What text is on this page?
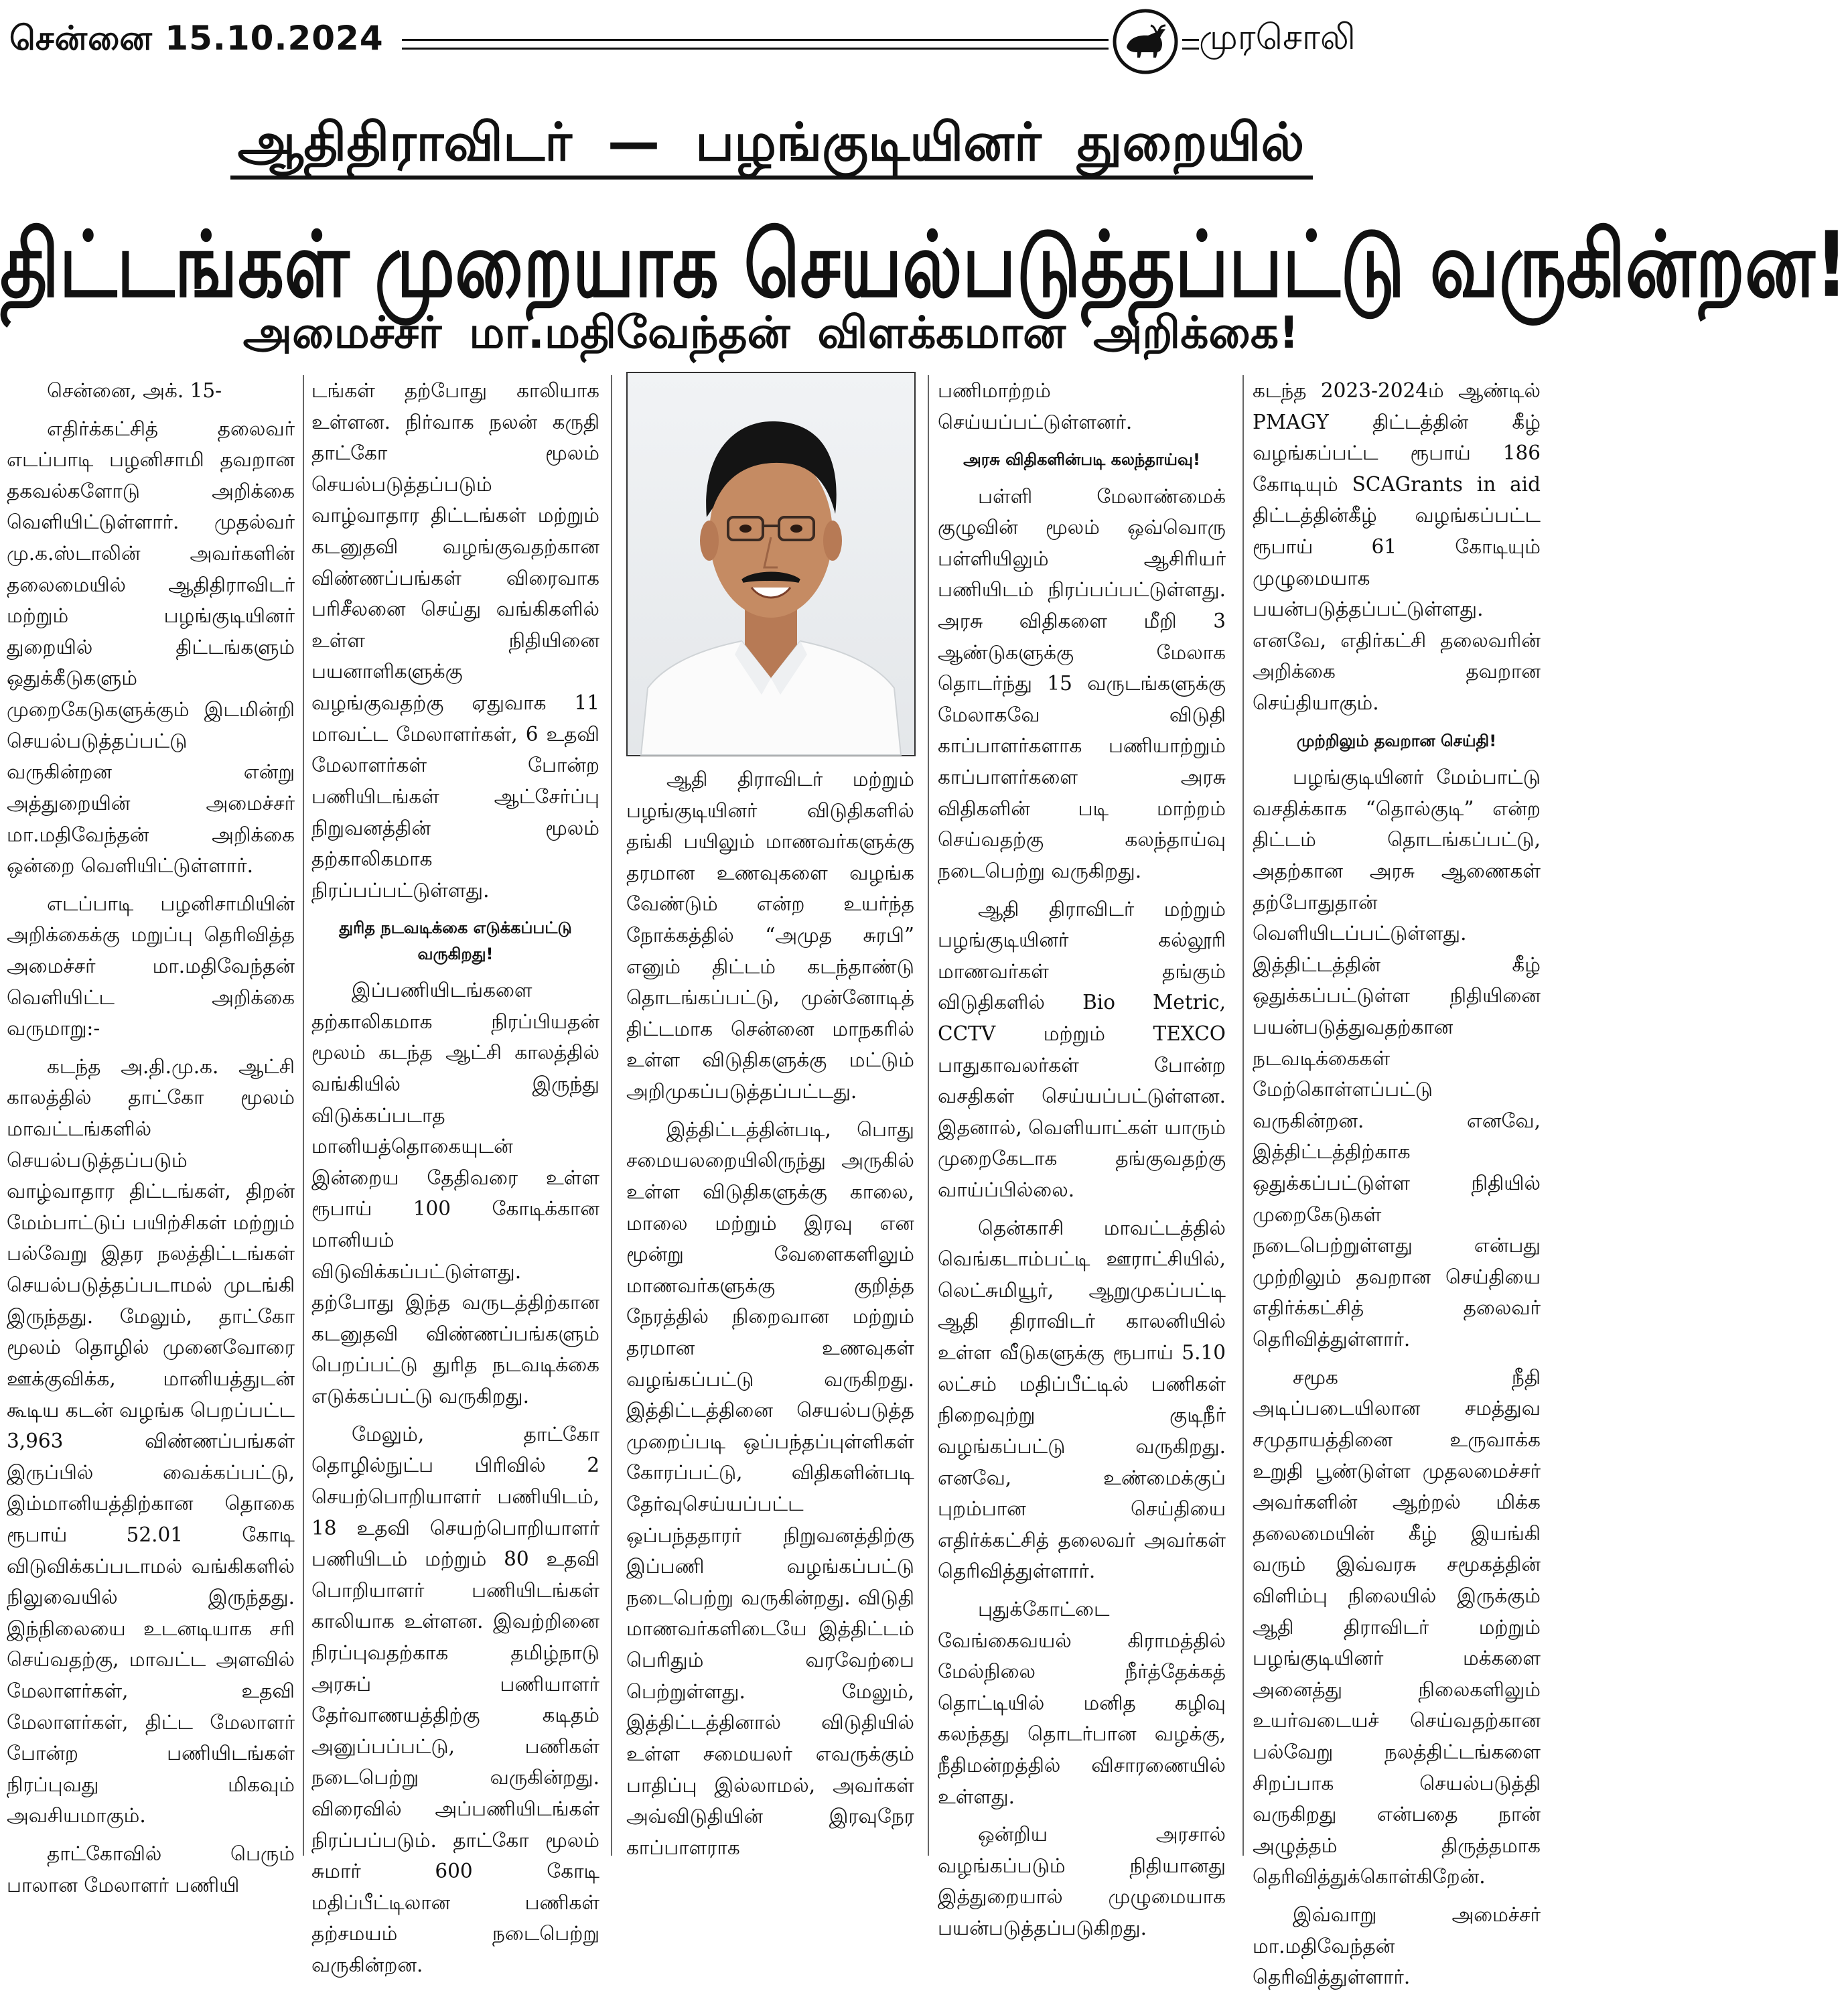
சென்னை 15.10.2024	முரசொலி
ஆதிதிராவிடர் — பழங்குடியினர் துறையில்
திட்டங்கள் முறையாக செயல்படுத்தப்பட்டு வருகின்றன!
அமைச்சர் மா.மதிவேந்தன் விளக்கமான அறிக்கை!

சென்னை, அக். 15-

எதிர்க்கட்சித் தலைவர் எடப்பாடி பழனிசாமி தவறான தகவல்களோடு அறிக்கை வெளியிட்டுள்ளார். முதல்வர் மு.க.ஸ்டாலின் அவர்களின் தலைமையில் ஆதிதிராவிடர் மற்றும் பழங்குடியினர் துறையில் திட்டங்களும் ஒதுக்கீடுகளும் முறைகேடுகளுக்கும் இடமின்றி செயல்படுத்தப்பட்டு வருகின்றன என்று அத்துறையின் அமைச்சர் மா.மதிவேந்தன் அறிக்கை ஒன்றை வெளியிட்டுள்ளார்.

எடப்பாடி பழனிசாமியின் அறிக்கைக்கு மறுப்பு தெரிவித்த அமைச்சர் மா.மதிவேந்தன் வெளியிட்ட அறிக்கை வருமாறு:-

கடந்த அ.தி.மு.க. ஆட்சி காலத்தில் தாட்கோ மூலம் மாவட்டங்களில் செயல்படுத்தப்படும் வாழ்வாதார திட்டங்கள், திறன் மேம்பாட்டுப் பயிற்சிகள் மற்றும் பல்வேறு இதர நலத்திட்டங்கள் செயல்படுத்தப்படாமல் முடங்கி இருந்தது. மேலும், தாட்கோ மூலம் தொழில் முனைவோரை ஊக்குவிக்க, மானியத்துடன் கூடிய கடன் வழங்க பெறப்பட்ட 3,963 விண்ணப்பங்கள் இருப்பில் வைக்கப்பட்டு, இம்மானியத்திற்கான தொகை ரூபாய் 52.01 கோடி விடுவிக்கப்படாமல் வங்கிகளில் நிலுவையில் இருந்தது. இந்நிலையை உடனடியாக சரி செய்வதற்கு, மாவட்ட அளவில் மேலாளர்கள், உதவி மேலாளர்கள், திட்ட மேலாளர் போன்ற பணியிடங்கள் நிரப்புவது மிகவும் அவசியமாகும்.

தாட்கோவில் பெரும் பாலான மேலாளர் பணியி

டங்கள் தற்போது காலியாக உள்ளன. நிர்வாக நலன் கருதி தாட்கோ மூலம் செயல்படுத்தப்படும் வாழ்வாதார திட்டங்கள் மற்றும் கடனுதவி வழங்குவதற்கான விண்ணப்பங்கள் விரைவாக பரிசீலனை செய்து வங்கிகளில் உள்ள நிதியினை பயனாளிகளுக்கு வழங்குவதற்கு ஏதுவாக 11 மாவட்ட மேலாளர்கள், 6 உதவி மேலாளர்கள் போன்ற பணியிடங்கள் ஆட்சேர்ப்பு நிறுவனத்தின் மூலம் தற்காலிகமாக நிரப்பப்பட்டுள்ளது.

துரித நடவடிக்கை எடுக்கப்பட்டு வருகிறது!

இப்பணியிடங்களை தற்காலிகமாக நிரப்பியதன் மூலம் கடந்த ஆட்சி காலத்தில் வங்கியில் இருந்து விடுக்கப்படாத மானியத்தொகையுடன் இன்றைய தேதிவரை உள்ள ரூபாய் 100 கோடிக்கான மானியம் விடுவிக்கப்பட்டுள்ளது. தற்போது இந்த வருடத்திற்கான கடனுதவி விண்ணப்பங்களும் பெறப்பட்டு துரித நடவடிக்கை எடுக்கப்பட்டு வருகிறது.

மேலும், தாட்கோ தொழில்நுட்ப பிரிவில் 2 செயற்பொறியாளர் பணியிடம், 18 உதவி செயற்பொறியாளர் பணியிடம் மற்றும் 80 உதவி பொறியாளர் பணியிடங்கள் காலியாக உள்ளன. இவற்றினை நிரப்புவதற்காக தமிழ்நாடு அரசுப் பணியாளர் தேர்வாணயத்திற்கு கடிதம் அனுப்பப்பட்டு, பணிகள் நடைபெற்று வருகின்றது. விரைவில் அப்பணியிடங்கள் நிரப்பப்படும். தாட்கோ மூலம் சுமார் 600 கோடி மதிப்பீட்டிலான பணிகள் தற்சமயம் நடைபெற்று வருகின்றன.

ஆதி திராவிடர் மற்றும் பழங்குடியினர் விடுதிகளில் தங்கி பயிலும் மாணவர்களுக்கு தரமான உணவுகளை வழங்க வேண்டும் என்ற உயர்ந்த நோக்கத்தில் “அமுத சுரபி” எனும் திட்டம் கடந்தாண்டு தொடங்கப்பட்டு, முன்னோடித் திட்டமாக சென்னை மாநகரில் உள்ள விடுதிகளுக்கு மட்டும் அறிமுகப்படுத்தப்பட்டது.

இத்திட்டத்தின்படி, பொது சமையலறையிலிருந்து அருகில் உள்ள விடுதிகளுக்கு காலை, மாலை மற்றும் இரவு என மூன்று வேளைகளிலும் மாணவர்களுக்கு குறித்த நேரத்தில் நிறைவான மற்றும் தரமான உணவுகள் வழங்கப்பட்டு வருகிறது. இத்திட்டத்தினை செயல்படுத்த முறைப்படி ஒப்பந்தப்புள்ளிகள் கோரப்பட்டு, விதிகளின்படி தேர்வுசெய்யப்பட்ட ஒப்பந்ததாரர் நிறுவனத்திற்கு இப்பணி வழங்கப்பட்டு நடைபெற்று வருகின்றது. விடுதி மாணவர்களிடையே இத்திட்டம் பெரிதும் வரவேற்பை பெற்றுள்ளது. மேலும், இத்திட்டத்தினால் விடுதியில் உள்ள சமையலர் எவருக்கும் பாதிப்பு இல்லாமல், அவர்கள் அவ்விடுதியின் இரவுநேர காப்பாளராக

பணிமாற்றம் செய்யப்பட்டுள்ளனர்.

அரசு விதிகளின்படி கலந்தாய்வு!

பள்ளி மேலாண்மைக் குழுவின் மூலம் ஒவ்வொரு பள்ளியிலும் ஆசிரியர் பணியிடம் நிரப்பப்பட்டுள்ளது. அரசு விதிகளை மீறி 3 ஆண்டுகளுக்கு மேலாக தொடர்ந்து 15 வருடங்களுக்கு மேலாகவே விடுதி காப்பாளர்களாக பணியாற்றும் காப்பாளர்களை அரசு விதிகளின் படி மாற்றம் செய்வதற்கு கலந்தாய்வு நடைபெற்று வருகிறது.

ஆதி திராவிடர் மற்றும் பழங்குடியினர் கல்லூரி மாணவர்கள் தங்கும் விடுதிகளில் Bio Metric, CCTV மற்றும் TEXCO பாதுகாவலர்கள் போன்ற வசதிகள் செய்யப்பட்டுள்ளன. இதனால், வெளியாட்கள் யாரும் முறைகேடாக தங்குவதற்கு வாய்ப்பில்லை.

தென்காசி மாவட்டத்தில் வெங்கடாம்பட்டி ஊராட்சியில், லெட்சுமியூர், ஆறுமுகப்பட்டி ஆதி திராவிடர் காலனியில் உள்ள வீடுகளுக்கு ரூபாய் 5.10 லட்சம் மதிப்பீட்டில் பணிகள் நிறைவுற்று குடிநீர் வழங்கப்பட்டு வருகிறது. எனவே, உண்மைக்குப் புறம்பான செய்தியை எதிர்க்கட்சித் தலைவர் அவர்கள் தெரிவித்துள்ளார்.

புதுக்கோட்டை வேங்கைவயல் கிராமத்தில் மேல்நிலை நீர்த்தேக்கத் தொட்டியில் மனித கழிவு கலந்தது தொடர்பான வழக்கு, நீதிமன்றத்தில் விசாரணையில் உள்ளது.

ஒன்றிய அரசால் வழங்கப்படும் நிதியானது இத்துறையால் முழுமையாக பயன்படுத்தப்படுகிறது.

கடந்த 2023-2024ம் ஆண்டில் PMAGY திட்டத்தின் கீழ் வழங்கப்பட்ட ரூபாய் 186 கோடியும் SCAGrants in aid திட்டத்தின்கீழ் வழங்கப்பட்ட ரூபாய் 61 கோடியும் முழுமையாக பயன்படுத்தப்பட்டுள்ளது. எனவே, எதிர்கட்சி தலைவரின் அறிக்கை தவறான செய்தியாகும்.

முற்றிலும் தவறான செய்தி!

பழங்குடியினர் மேம்பாட்டு வசதிக்காக “தொல்குடி” என்ற திட்டம் தொடங்கப்பட்டு, அதற்கான அரசு ஆணைகள் தற்போதுதான் வெளியிடப்பட்டுள்ளது. இத்திட்டத்தின் கீழ் ஒதுக்கப்பட்டுள்ள நிதியினை பயன்படுத்துவதற்கான நடவடிக்கைகள் மேற்கொள்ளப்பட்டு வருகின்றன. எனவே, இத்திட்டத்திற்காக ஒதுக்கப்பட்டுள்ள நிதியில் முறைகேடுகள் நடைபெற்றுள்ளது என்பது முற்றிலும் தவறான செய்தியை எதிர்க்கட்சித் தலைவர் தெரிவித்துள்ளார்.

சமூக நீதி அடிப்படையிலான சமத்துவ சமுதாயத்தினை உருவாக்க உறுதி பூண்டுள்ள முதலமைச்சர் அவர்களின் ஆற்றல் மிக்க தலைமையின் கீழ் இயங்கி வரும் இவ்வரசு சமூகத்தின் விளிம்பு நிலையில் இருக்கும் ஆதி திராவிடர் மற்றும் பழங்குடியினர் மக்களை அனைத்து நிலைகளிலும் உயர்வடையச் செய்வதற்கான பல்வேறு நலத்திட்டங்களை சிறப்பாக செயல்படுத்தி வருகிறது என்பதை நான் அழுத்தம் திருத்தமாக தெரிவித்துக்கொள்கிறேன்.

இவ்வாறு அமைச்சர் மா.மதிவேந்தன் தெரிவித்துள்ளார்.
